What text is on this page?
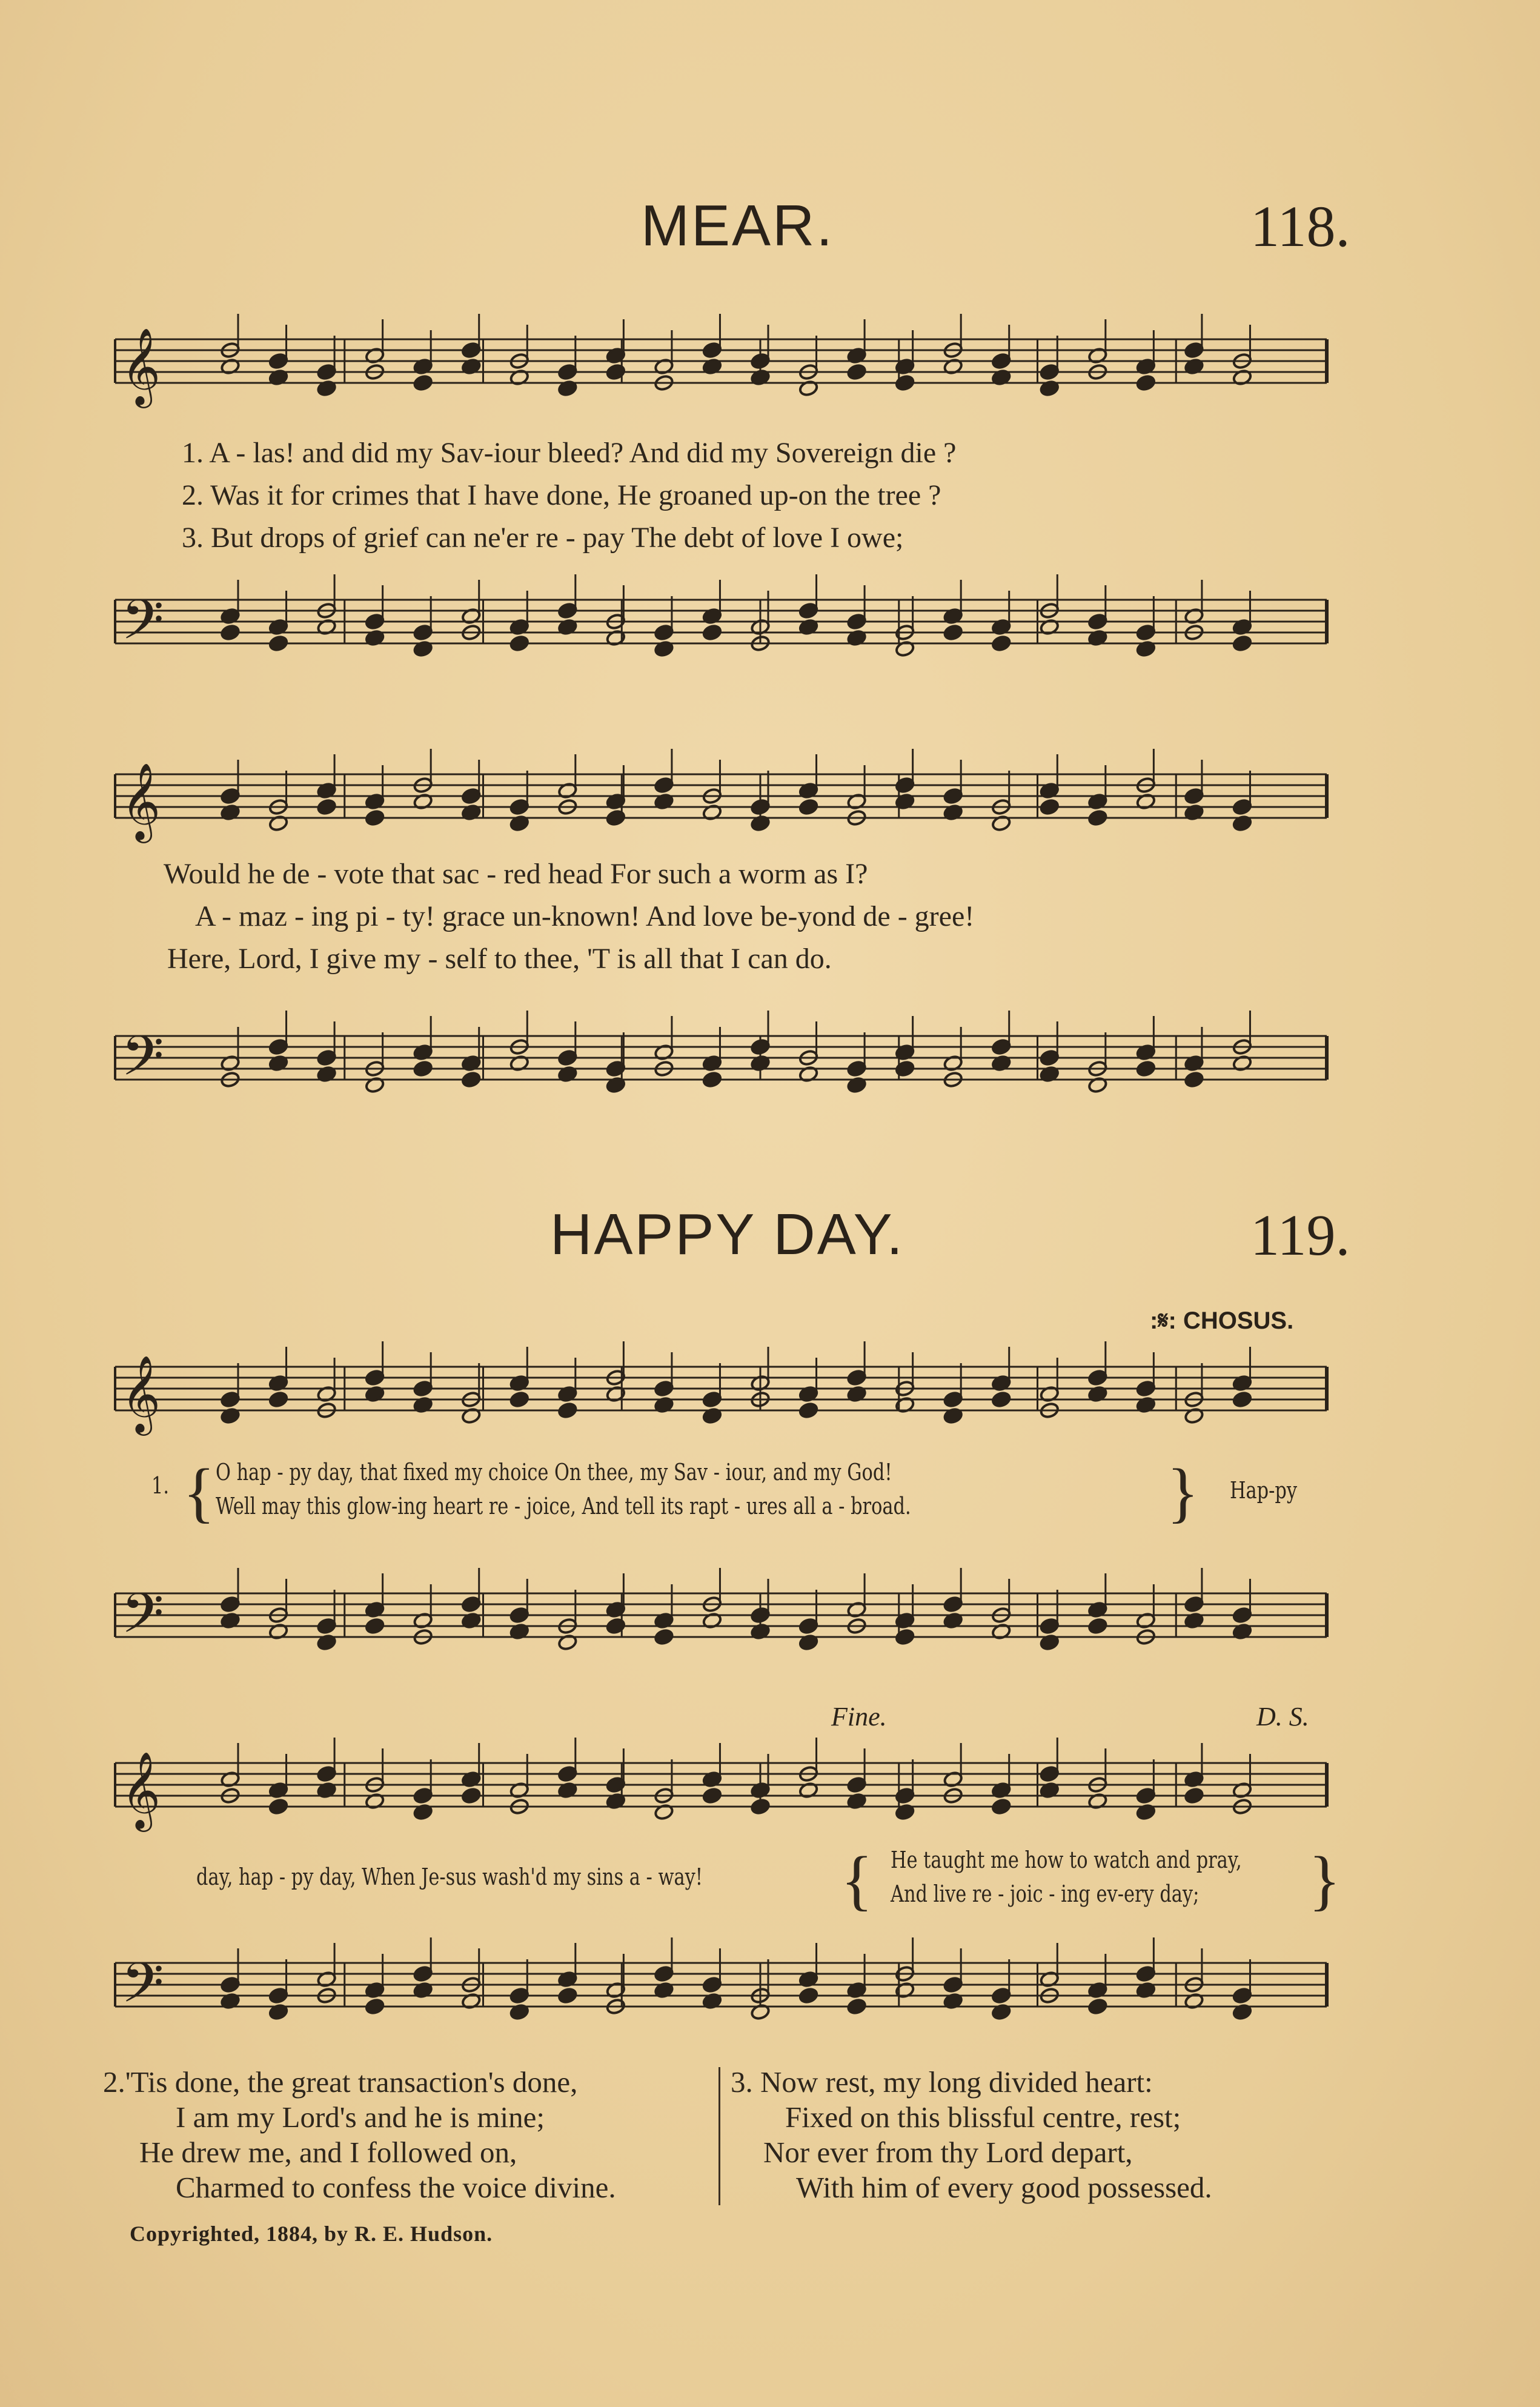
MEAR.	118.
𝄞
1. A - las! and did my Sav-iour bleed? And did my Sovereign die ?
2. Was it for crimes that I have done, He groaned up-on the tree ?
3. But drops of grief can ne'er re - pay The debt of love I owe;
𝄢
𝄞
Would he de - vote that sac - red head For such a worm as I?
A - maz - ing pi - ty! grace un-known! And love be-yond de - gree!
Here, Lord, I give my - self to thee, 'T is all that I can do.
𝄢
HAPPY DAY.	119.
:𝄋: CHOSUS.
𝄞
1. { O hap - py day, that fixed my choice On thee, my Sav - iour, and my God!
Well may this glow-ing heart re - joice, And tell its rapt - ures all a - broad.	} Hap-py
𝄢
Fine.	D. S.
𝄞
day, hap - py day, When Je-sus wash'd my sins a - way! { He taught me how to watch and pray,
And live re - joic - ing ev-ery day; }
𝄢
2.'Tis done, the great transaction's done,
I am my Lord's and he is mine;
He drew me, and I followed on,
Charmed to confess the voice divine.
3. Now rest, my long divided heart:
Fixed on this blissful centre, rest;
Nor ever from thy Lord depart,
With him of every good possessed.
Copyrighted, 1884, by R. E. Hudson.
